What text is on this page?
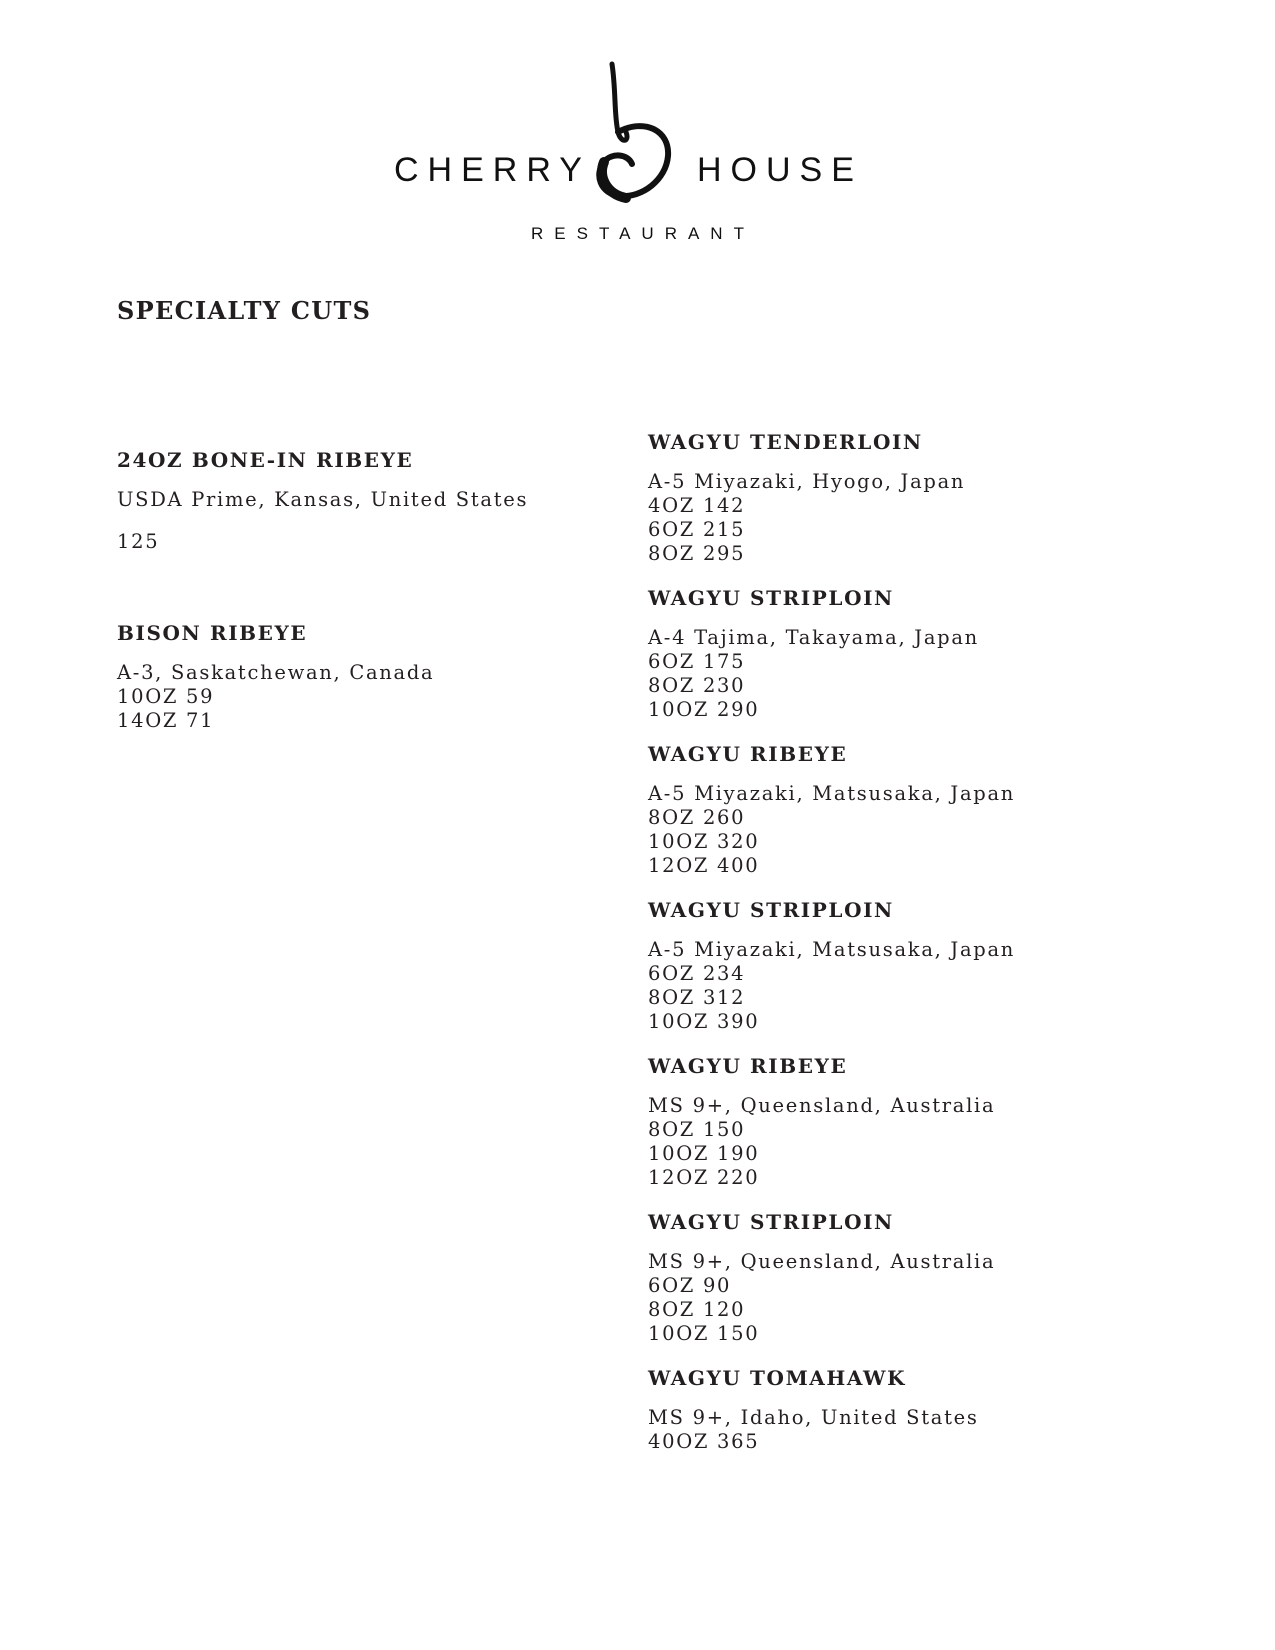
CHERRY	HOUSE
RESTAURANT
SPECIALTY CUTS

24OZ BONE-IN RIBEYE

USDA Prime, Kansas, United States

125

BISON RIBEYE

A-3, Saskatchewan, Canada

10OZ 59

14OZ 71

WAGYU TENDERLOIN

A-5 Miyazaki, Hyogo, Japan

4OZ 142

6OZ 215

8OZ 295

WAGYU STRIPLOIN

A-4 Tajima, Takayama, Japan

6OZ 175

8OZ 230

10OZ 290

WAGYU RIBEYE

A-5 Miyazaki, Matsusaka, Japan

8OZ 260

10OZ 320

12OZ 400

WAGYU STRIPLOIN

A-5 Miyazaki, Matsusaka, Japan

6OZ 234

8OZ 312

10OZ 390

WAGYU RIBEYE

MS 9+, Queensland, Australia

8OZ 150

10OZ 190

12OZ 220

WAGYU STRIPLOIN

MS 9+, Queensland, Australia

6OZ 90

8OZ 120

10OZ 150

WAGYU TOMAHAWK

MS 9+, Idaho, United States

40OZ 365
